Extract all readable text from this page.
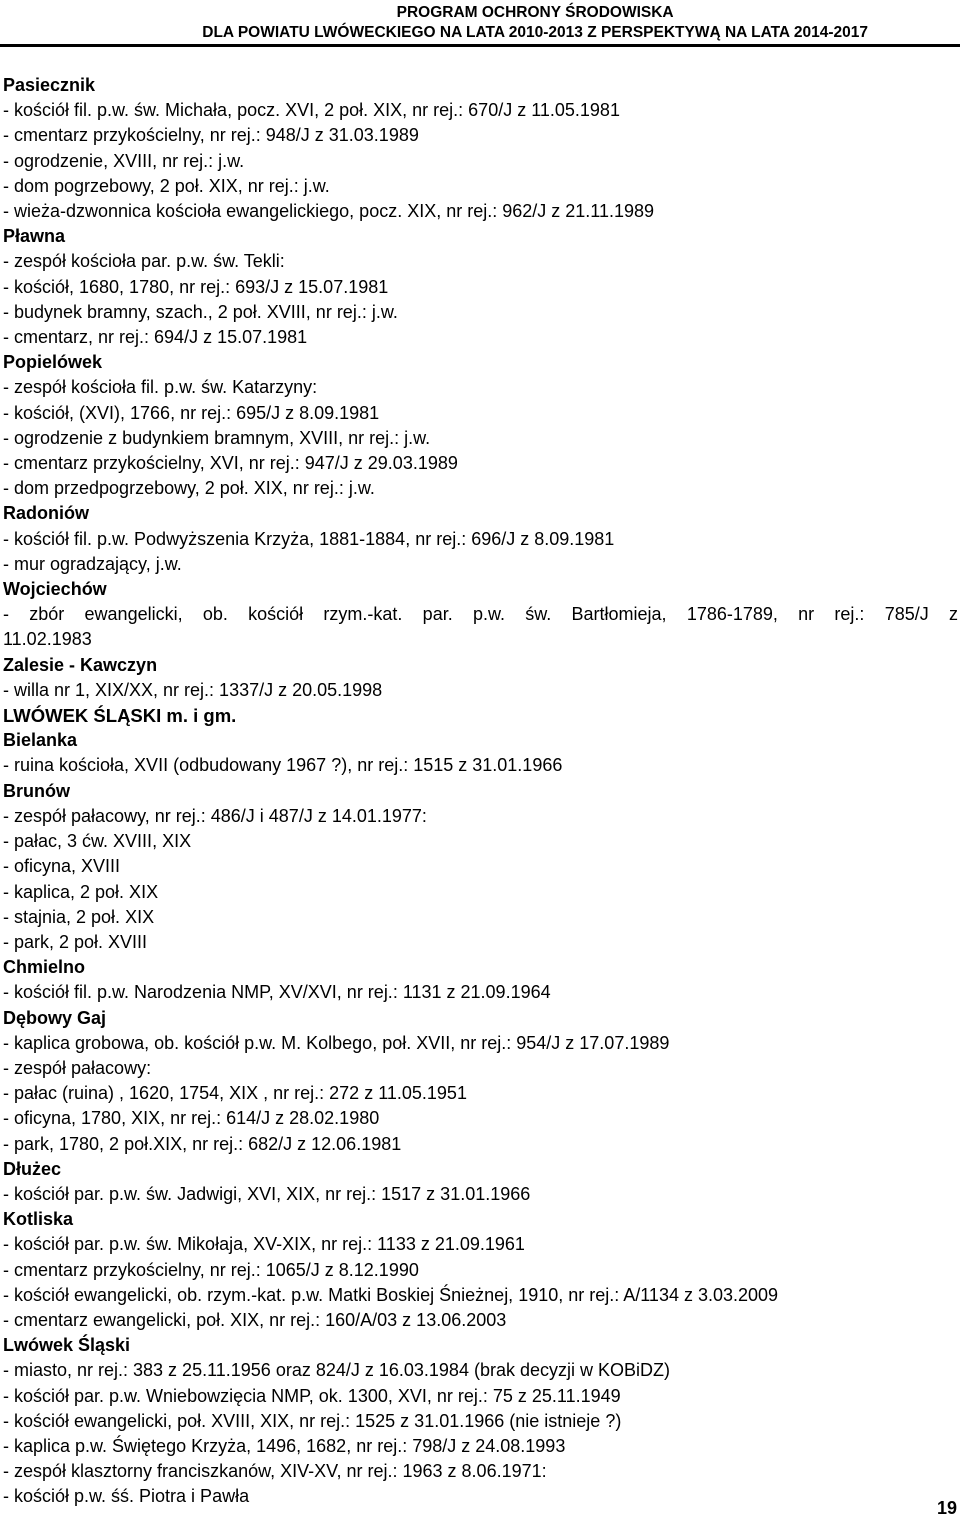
PROGRAM OCHRONY ŚRODOWISKA
DLA POWIATU LWÓWECKIEGO NA LATA 2010-2013 Z PERSPEKTYWĄ NA LATA 2014-2017
Pasiecznik
- kościół fil. p.w. św. Michała, pocz. XVI, 2 poł. XIX, nr rej.: 670/J z 11.05.1981
- cmentarz przykościelny, nr rej.: 948/J z 31.03.1989
- ogrodzenie, XVIII, nr rej.: j.w.
- dom pogrzebowy, 2 poł. XIX, nr rej.: j.w.
- wieża-dzwonnica kościoła ewangelickiego, pocz. XIX, nr rej.: 962/J z 21.11.1989
Pławna
- zespół kościoła par. p.w. św. Tekli:
- kościół, 1680, 1780, nr rej.: 693/J z 15.07.1981
- budynek bramny, szach., 2 poł. XVIII, nr rej.: j.w.
- cmentarz, nr rej.: 694/J z 15.07.1981
Popielówek
- zespół kościoła fil. p.w. św. Katarzyny:
- kościół, (XVI), 1766, nr rej.: 695/J z 8.09.1981
- ogrodzenie z budynkiem bramnym, XVIII, nr rej.: j.w.
- cmentarz przykościelny, XVI, nr rej.: 947/J z 29.03.1989
- dom przedpogrzebowy, 2 poł. XIX, nr rej.: j.w.
Radoniów
- kościół fil. p.w. Podwyższenia Krzyża, 1881-1884, nr rej.: 696/J z 8.09.1981
- mur ogradzający, j.w.
Wojciechów
- zbór ewangelicki, ob. kościół rzym.-kat. par. p.w. św. Bartłomieja, 1786-1789, nr rej.: 785/J z
11.02.1983
Zalesie - Kawczyn
- willa nr 1, XIX/XX, nr rej.: 1337/J z 20.05.1998
LWÓWEK ŚLĄSKI m. i gm.
Bielanka
- ruina kościoła, XVII (odbudowany 1967 ?), nr rej.: 1515 z 31.01.1966
Brunów
- zespół pałacowy, nr rej.: 486/J i 487/J z 14.01.1977:
- pałac, 3 ćw. XVIII, XIX
- oficyna, XVIII
- kaplica, 2 poł. XIX
- stajnia, 2 poł. XIX
- park, 2 poł. XVIII
Chmielno
- kościół fil. p.w. Narodzenia NMP, XV/XVI, nr rej.: 1131 z 21.09.1964
Dębowy Gaj
- kaplica grobowa, ob. kościół p.w. M. Kolbego, poł. XVII, nr rej.: 954/J z 17.07.1989
- zespół pałacowy:
- pałac (ruina) , 1620, 1754, XIX , nr rej.: 272 z 11.05.1951
- oficyna, 1780, XIX, nr rej.: 614/J z 28.02.1980
- park, 1780, 2 poł.XIX, nr rej.: 682/J z 12.06.1981
Dłużec
- kościół par. p.w. św. Jadwigi, XVI, XIX, nr rej.: 1517 z 31.01.1966
Kotliska
- kościół par. p.w. św. Mikołaja, XV-XIX, nr rej.: 1133 z 21.09.1961
- cmentarz przykościelny, nr rej.: 1065/J z 8.12.1990
- kościół ewangelicki, ob. rzym.-kat. p.w. Matki Boskiej Śnieżnej, 1910, nr rej.: A/1134 z 3.03.2009
- cmentarz ewangelicki, poł. XIX, nr rej.: 160/A/03 z 13.06.2003
Lwówek Śląski
- miasto, nr rej.: 383 z 25.11.1956 oraz 824/J z 16.03.1984 (brak decyzji w KOBiDZ)
- kościół par. p.w. Wniebowzięcia NMP, ok. 1300, XVI, nr rej.: 75 z 25.11.1949
- kościół ewangelicki, poł. XVIII, XIX, nr rej.: 1525 z 31.01.1966 (nie istnieje ?)
- kaplica p.w. Świętego Krzyża, 1496, 1682, nr rej.: 798/J z 24.08.1993
- zespół klasztorny franciszkanów, XIV-XV, nr rej.: 1963 z 8.06.1971:
- kościół p.w. śś. Piotra i Pawła
19
